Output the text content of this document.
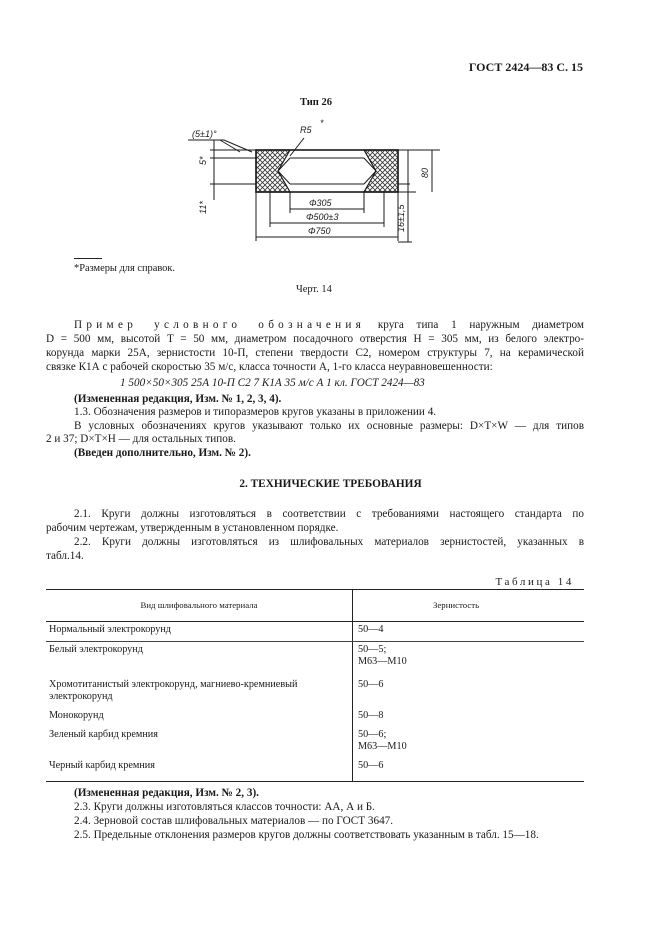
ГОСТ 2424—83 С. 15
Тип 26
(5±1)°	R5
*
5*
11*	Φ305
Φ500±3
Φ750
80
16±1,5
*Размеры для справок.
Черт. 14
Пример условного обозначения круга типа 1 наружным диаметром
D = 500 мм, высотой T = 50 мм, диаметром посадочного отверстия H = 305 мм, из белого электро-
корунда марки 25А, зернистости 10-П, степени твердости С2, номером структуры 7, на керамической
связке К1А с рабочей скоростью 35 м/с, класса точности А, 1-го класса неуравновешенности:
1 500×50×305 25А 10-П С2 7 К1А 35 м/с А 1 кл. ГОСТ 2424—83
(Измененная редакция, Изм. № 1, 2, 3, 4).
1.3. Обозначения размеров и типоразмеров кругов указаны в приложении 4.
В условных обозначениях кругов указывают только их основные размеры: D×T×W — для типов
2 и 37; D×T×H — для остальных типов.
(Введен дополнительно, Изм. № 2).
2. ТЕХНИЧЕСКИЕ ТРЕБОВАНИЯ
2.1. Круги должны изготовляться в соответствии с требованиями настоящего стандарта по
рабочим чертежам, утвержденным в установленном порядке.
2.2. Круги должны изготовляться из шлифовальных материалов зернистостей, указанных в
табл.14.
Таблица 14
Вид шлифовального материала	Зернистость
Нормальный электрокорунд	50—4
Белый электрокорунд	50—5;
М63—М10
Хромотитанистый электрокорунд, магниево-кремниевый электрокорунд	50—6
Монокорунд	50—8
Зеленый карбид кремния	50—6;
М63—М10
Черный карбид кремния	50—6
(Измененная редакция, Изм. № 2, 3).
2.3. Круги должны изготовляться классов точности: АА, А и Б.
2.4. Зерновой состав шлифовальных материалов — по ГОСТ 3647.
2.5. Предельные отклонения размеров кругов должны соответствовать указанным в табл. 15—18.
